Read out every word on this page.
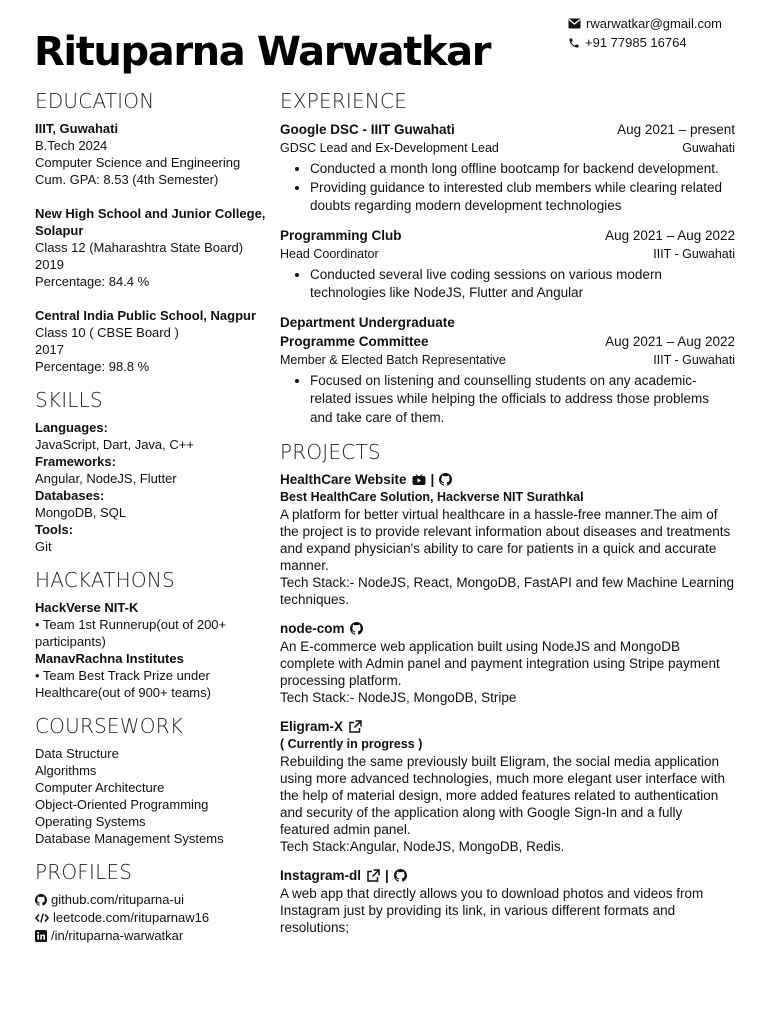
Rituparna Warwatkar
rwarwatkar@gmail.com
+91 77985 16764
EDUCATION
IIIT, Guwahati
B.Tech 2024
Computer Science and Engineering
Cum. GPA: 8.53 (4th Semester)
New High School and Junior College, Solapur
Class 12 (Maharashtra State Board)
2019
Percentage: 84.4 %
Central India Public School, Nagpur
Class 10 ( CBSE Board )
2017
Percentage: 98.8 %
SKILLS
Languages:
JavaScript, Dart, Java, C++
Frameworks:
Angular, NodeJS, Flutter
Databases:
MongoDB, SQL
Tools:
Git
HACKATHONS
HackVerse NIT-K
• Team 1st Runnerup(out of 200+ participants)
ManavRachna Institutes
• Team Best Track Prize under Healthcare(out of 900+ teams)
COURSEWORK
Data Structure
Algorithms
Computer Architecture
Object-Oriented Programming
Operating Systems
Database Management Systems
PROFILES
github.com/rituparna-ui
leetcode.com/rituparnaw16
/in/rituparna-warwatkar
EXPERIENCE
Google DSC - IIIT Guwahati	Aug 2021 – present
GDSC Lead and Ex-Development Lead	Guwahati
• Conducted a month long offline bootcamp for backend development.
• Providing guidance to interested club members while clearing related doubts regarding modern development technologies
Programming Club	Aug 2021 – Aug 2022
Head Coordinator	IIIT - Guwahati
• Conducted several live coding sessions on various modern technologies like NodeJS, Flutter and Angular
Department Undergraduate Programme Committee	Aug 2021 – Aug 2022
Member & Elected Batch Representative	IIIT - Guwahati
• Focused on listening and counselling students on any academic-related issues while helping the officials to address those problems and take care of them.
PROJECTS
HealthCare Website |
Best HealthCare Solution, Hackverse NIT Surathkal
A platform for better virtual healthcare in a hassle-free manner.The aim of the project is to provide relevant information about diseases and treatments and expand physician's ability to care for patients in a quick and accurate manner.
Tech Stack:- NodeJS, React, MongoDB, FastAPI and few Machine Learning techniques.
node-com
An E-commerce web application built using NodeJS and MongoDB complete with Admin panel and payment integration using Stripe payment processing platform.
Tech Stack:- NodeJS, MongoDB, Stripe
Eligram-X
( Currently in progress )
Rebuilding the same previously built Eligram, the social media application using more advanced technologies, much more elegant user interface with the help of material design, more added features related to authentication and security of the application along with Google Sign-In and a fully featured admin panel.
Tech Stack:Angular, NodeJS, MongoDB, Redis.
Instagram-dl |
A web app that directly allows you to download photos and videos from Instagram just by providing its link, in various different formats and resolutions;
